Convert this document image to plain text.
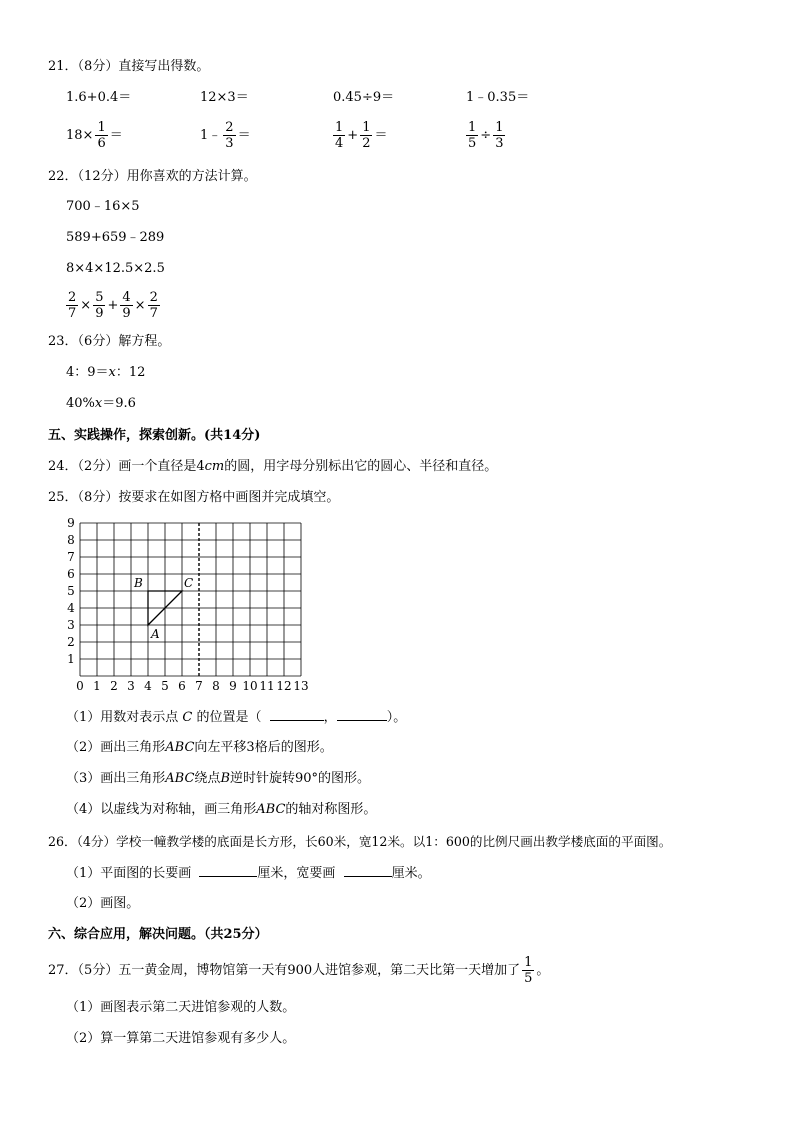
21．（8分）直接写出得数。
1.6+0.4＝	12×3＝	0.45÷9＝	1﹣0.35＝
$18\times \frac{1}{6}$ ＝	1﹣ $\frac{2}{3}$ ＝	$\frac{1}{4} + \frac{1}{2}$ ＝	$\frac{1}{5} \div \frac{1}{3}$
22．（12分）用你喜欢的方法计算。
700﹣16×5
589+659﹣289
8×4×12.5×2.5
$\frac{2}{7} \times \frac{5}{9} + \frac{4}{9} \times \frac{2}{7}$
23．（6分）解方程。
4：9＝x：12
40%x＝9.6
五、实践操作，探索创新。(共14分)
24．（2分）画一个直径是4cm的圆，用字母分别标出它的圆心、半径和直径。
25．（8分）按要求在如图方格中画图并完成填空。
0 1 2 3 4 5 6 7 8 9 10 11 12 13
1
2
3
4
5
6
7
8
9
A
B	C
（1）用数对表示点 C 的位置是（	，	）。
（2）画出三角形ABC向左平移3格后的图形。
（3）画出三角形ABC绕点B逆时针旋转90°的图形。
（4）以虚线为对称轴，画三角形ABC的轴对称图形。
26．（4分）学校一幢教学楼的底面是长方形，长60米，宽12米。以1：600的比例尺画出教学楼底面的平面图。
（1）平面图的长要画	厘米，宽要画	厘米。
（2）画图。
六、综合应用，解决问题。（共25分）
27．（5分）五一黄金周，博物馆第一天有900人进馆参观，第二天比第一天增加了 $\frac{1}{5}$ 。
（1）画图表示第二天进馆参观的人数。
（2）算一算第二天进馆参观有多少人。
